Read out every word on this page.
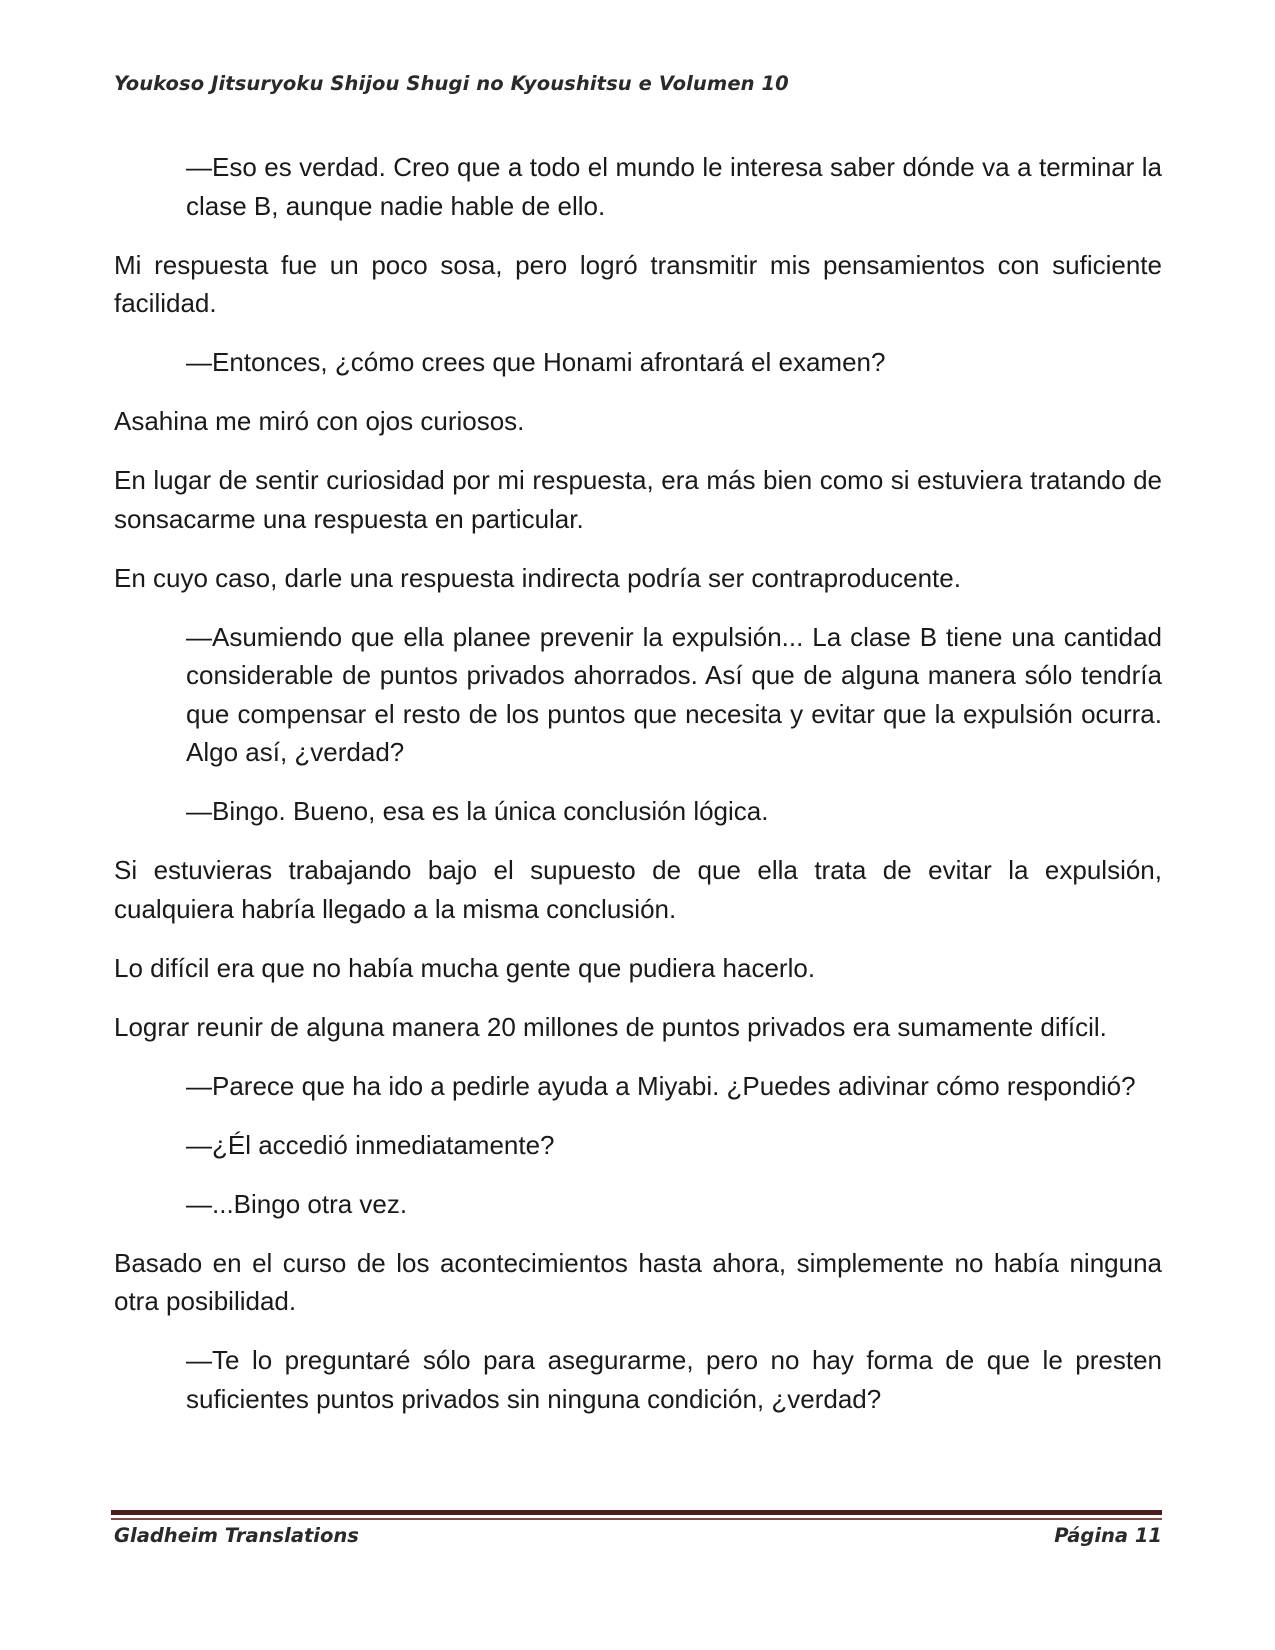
Youkoso Jitsuryoku Shijou Shugi no Kyoushitsu e Volumen 10

—Eso es verdad. Creo que a todo el mundo le interesa saber dónde va a terminar la clase B, aunque nadie hable de ello.

Mi respuesta fue un poco sosa, pero logró transmitir mis pensamientos con suficiente facilidad.

—Entonces, ¿cómo crees que Honami afrontará el examen?

Asahina me miró con ojos curiosos.

En lugar de sentir curiosidad por mi respuesta, era más bien como si estuviera tratando de sonsacarme una respuesta en particular.

En cuyo caso, darle una respuesta indirecta podría ser contraproducente.

—Asumiendo que ella planee prevenir la expulsión... La clase B tiene una cantidad considerable de puntos privados ahorrados. Así que de alguna manera sólo tendría que compensar el resto de los puntos que necesita y evitar que la expulsión ocurra. Algo así, ¿verdad?

—Bingo. Bueno, esa es la única conclusión lógica.

Si estuvieras trabajando bajo el supuesto de que ella trata de evitar la expulsión, cualquiera habría llegado a la misma conclusión.

Lo difícil era que no había mucha gente que pudiera hacerlo.

Lograr reunir de alguna manera 20 millones de puntos privados era sumamente difícil.

—Parece que ha ido a pedirle ayuda a Miyabi. ¿Puedes adivinar cómo respondió?

—¿Él accedió inmediatamente?

—...Bingo otra vez.

Basado en el curso de los acontecimientos hasta ahora, simplemente no había ninguna otra posibilidad.

—Te lo preguntaré sólo para asegurarme, pero no hay forma de que le presten suficientes puntos privados sin ninguna condición, ¿verdad?

Gladheim Translations	Página 11
